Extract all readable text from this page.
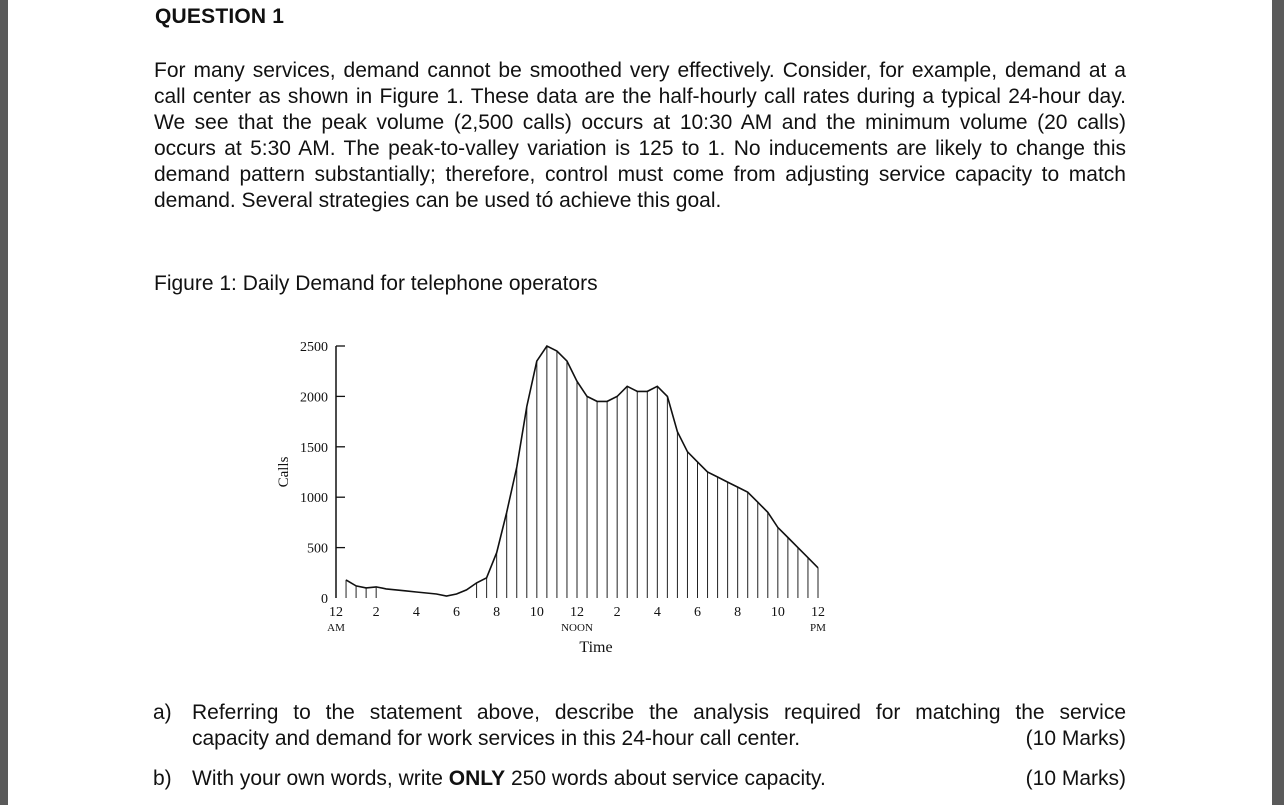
QUESTION 1

For many services, demand cannot be smoothed very effectively. Consider, for example, demand at a call center as shown in Figure 1. These data are the half-hourly call rates during a typical 24-hour day. We see that the peak volume (2,500 calls) occurs at 10:30 AM and the minimum volume (20 calls) occurs at 5:30 AM. The peak-to-valley variation is 125 to 1. No inducements are likely to change this demand pattern substantially; therefore, control must come from adjusting service capacity to match demand. Several strategies can be used tó achieve this goal.

Figure 1: Daily Demand for telephone operators
0
500
1000
1500
2000
2500
12 2 4 6 8 10 12 2 4 6 8 10 12
AM	NOON	PM
Calls
Time
a) Referring to the statement above, describe the analysis required for matching the service
capacity and demand for work services in this 24-hour call center.	(10 Marks)
b) With your own words, write ONLY 250 words about service capacity.	(10 Marks)
